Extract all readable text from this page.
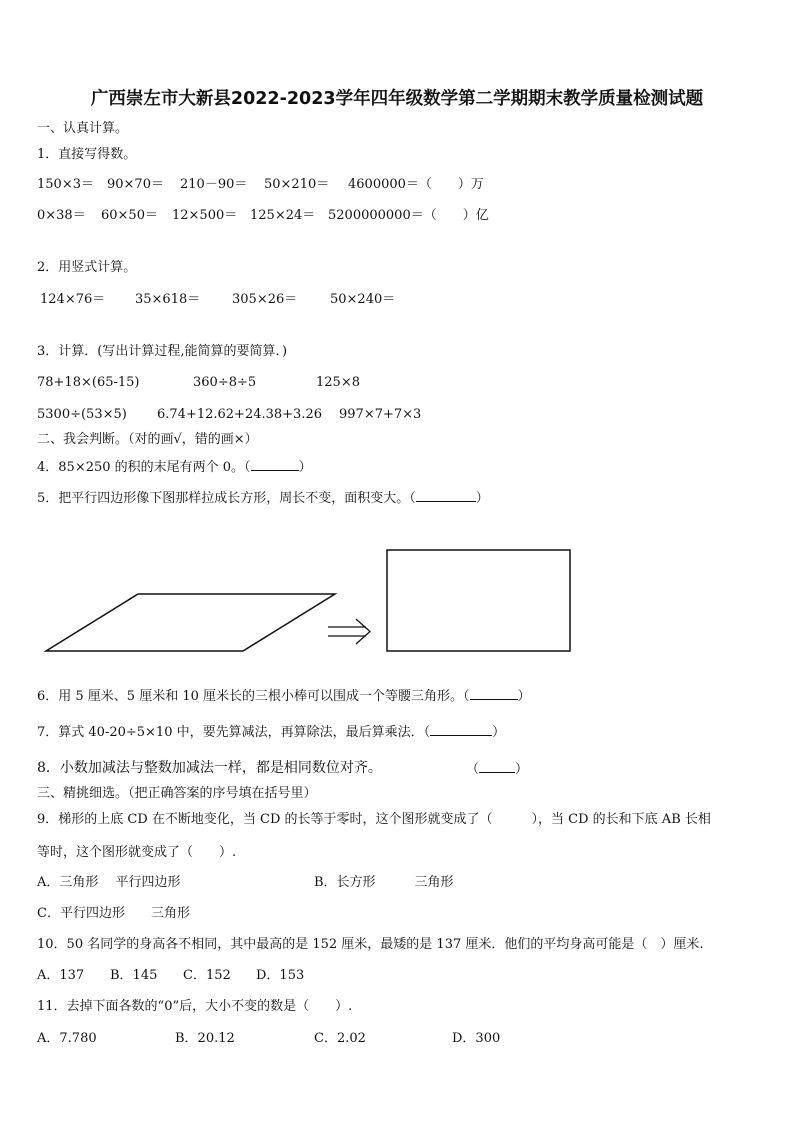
广西崇左市大新县2022-2023学年四年级数学第二学期期末教学质量检测试题
一、认真计算。
1．直接写得数。
150×3＝ 90×70＝ 210－90＝ 50×210＝ 4600000＝（　　）万
0×38＝ 60×50＝ 12×500＝ 125×24＝ 5200000000＝（　　）亿
2．用竖式计算。
124×76＝ 35×618＝ 305×26＝	50×240＝
3．计算．(写出计算过程,能简算的要简算．)
78+18×(65-15)	360÷8÷5	125×8
5300÷(53×5) 6.74+12.62+24.38+3.26 997×7+7×3
二、我会判断。（对的画√，错的画×）
4．85×250 的积的末尾有两个 0。（	）
5．把平行四边形像下图那样拉成长方形，周长不变，面积变大。（	）
6．用 5 厘米、5 厘米和 10 厘米长的三根小棒可以围成一个等腰三角形。（	）
7．算式 40-20÷5×10 中，要先算减法，再算除法，最后算乘法．（	）
8．小数加减法与整数加减法一样，都是相同数位对齐。	（	）
三、精挑细选。（把正确答案的序号填在括号里）
9．梯形的上底 CD 在不断地变化，当 CD 的长等于零时，这个图形就变成了（　　　），当 CD 的长和下底 AB 长相
等时，这个图形就变成了（　　）.
A．三角形　 平行四边形	B．长方形　　　三角形
C．平行四边形　　三角形
10．50 名同学的身高各不相同，其中最高的是 152 厘米，最矮的是 137 厘米．他们的平均身高可能是（　）厘米.
A．137 B．145 C．152 D．153
11．去掉下面各数的“0”后，大小不变的数是（　　）.
A．7.780	B．20.12	C．2.02	D．300
